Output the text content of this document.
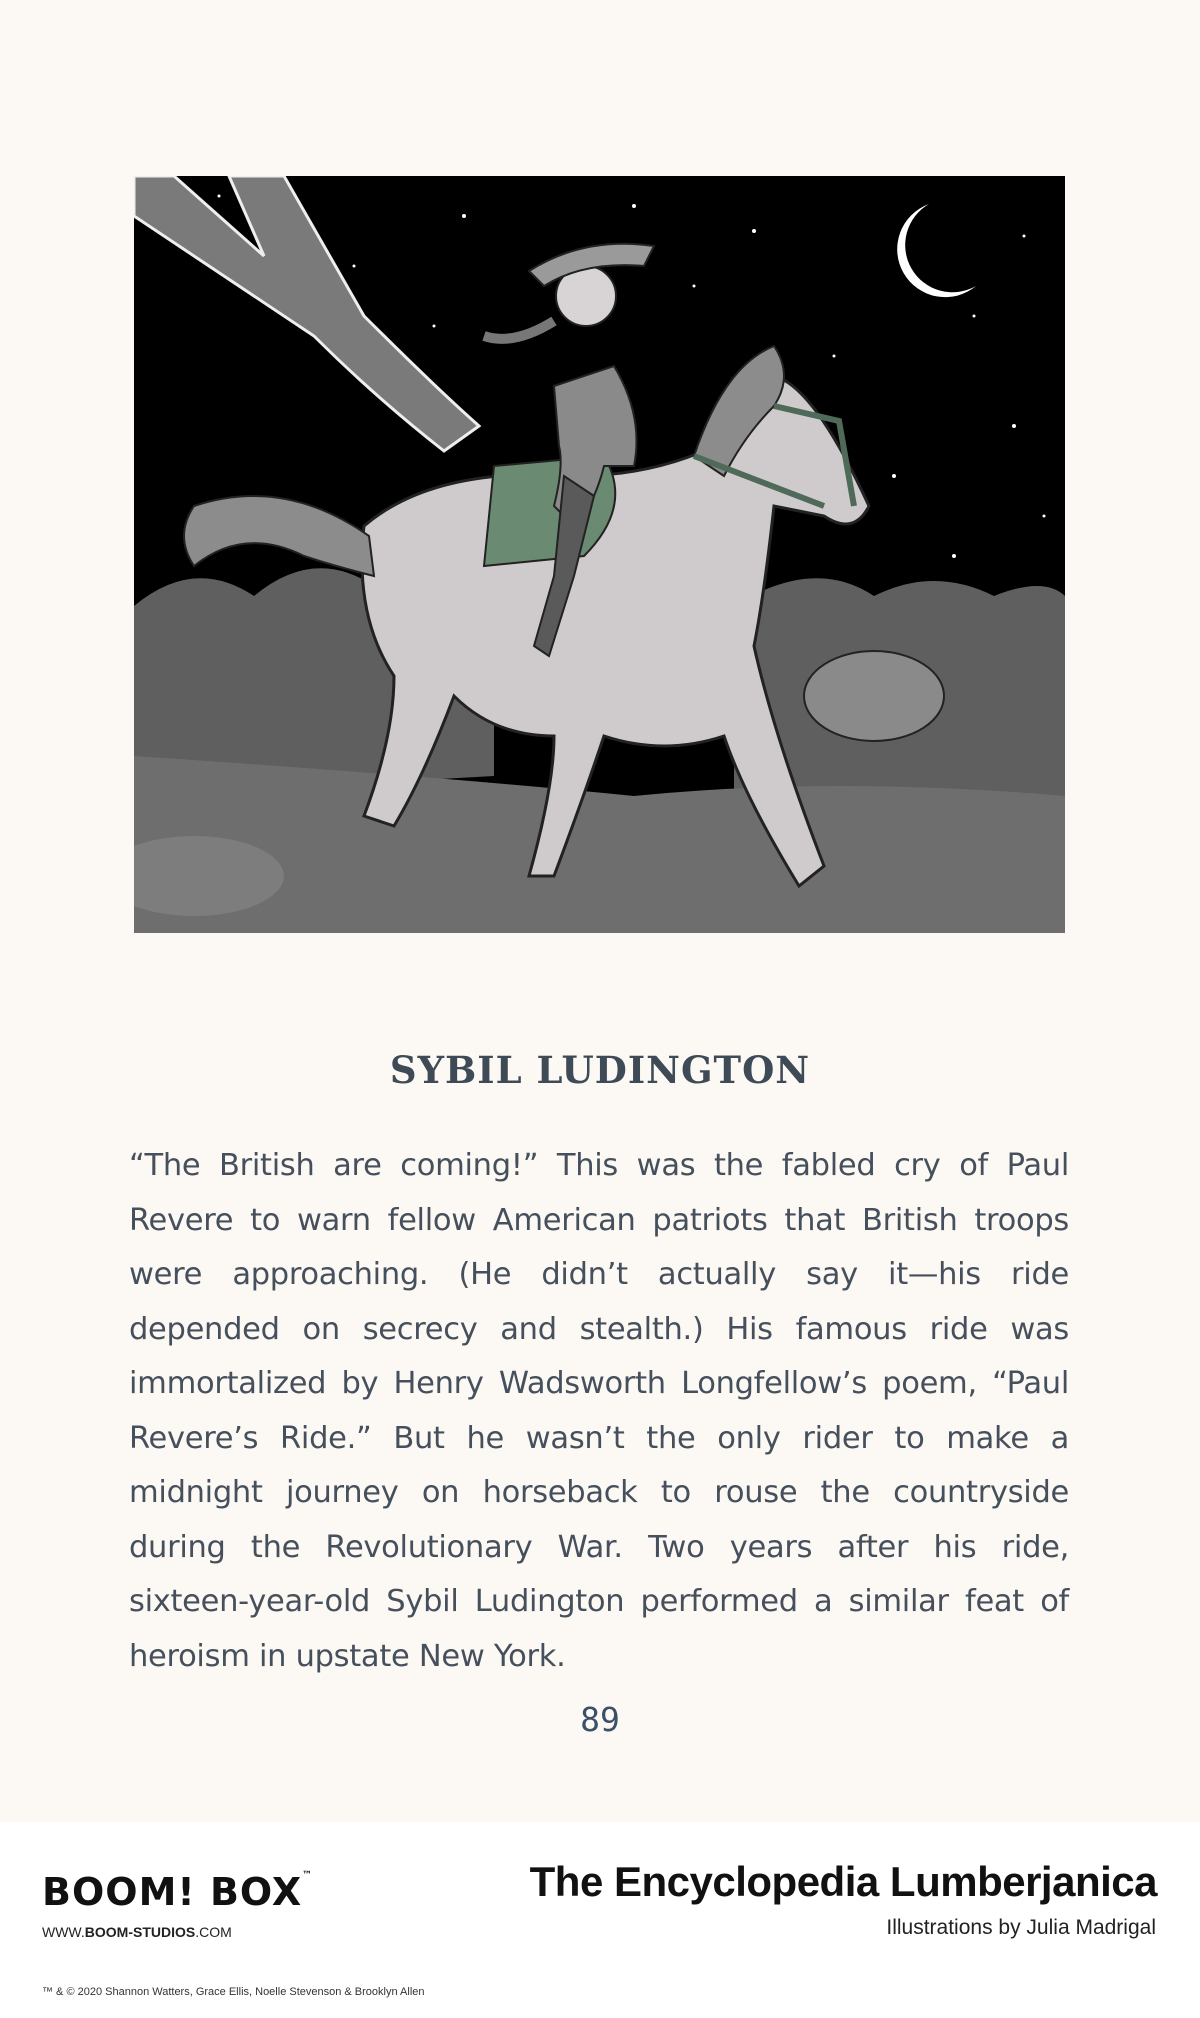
SYBIL LUDINGTON
“The British are coming!” This was the fabled cry of Paul Revere to warn fellow American patriots that British troops were approaching. (He didn’t actually say it—his ride depended on secrecy and stealth.) His famous ride was immortalized by Henry Wadsworth Longfellow’s poem, “Paul Revere’s Ride.” But he wasn’t the only rider to make a midnight journey on horseback to rouse the countryside during the Revolutionary War. Two years after his ride, sixteen-year-old Sybil Ludington performed a similar feat of heroism in upstate New York.
89
BOOM! BOX™
WWW.BOOM-STUDIOS.COM
The Encyclopedia Lumberjanica
Illustrations by Julia Madrigal
™ & © 2020 Shannon Watters, Grace Ellis, Noelle Stevenson & Brooklyn Allen
